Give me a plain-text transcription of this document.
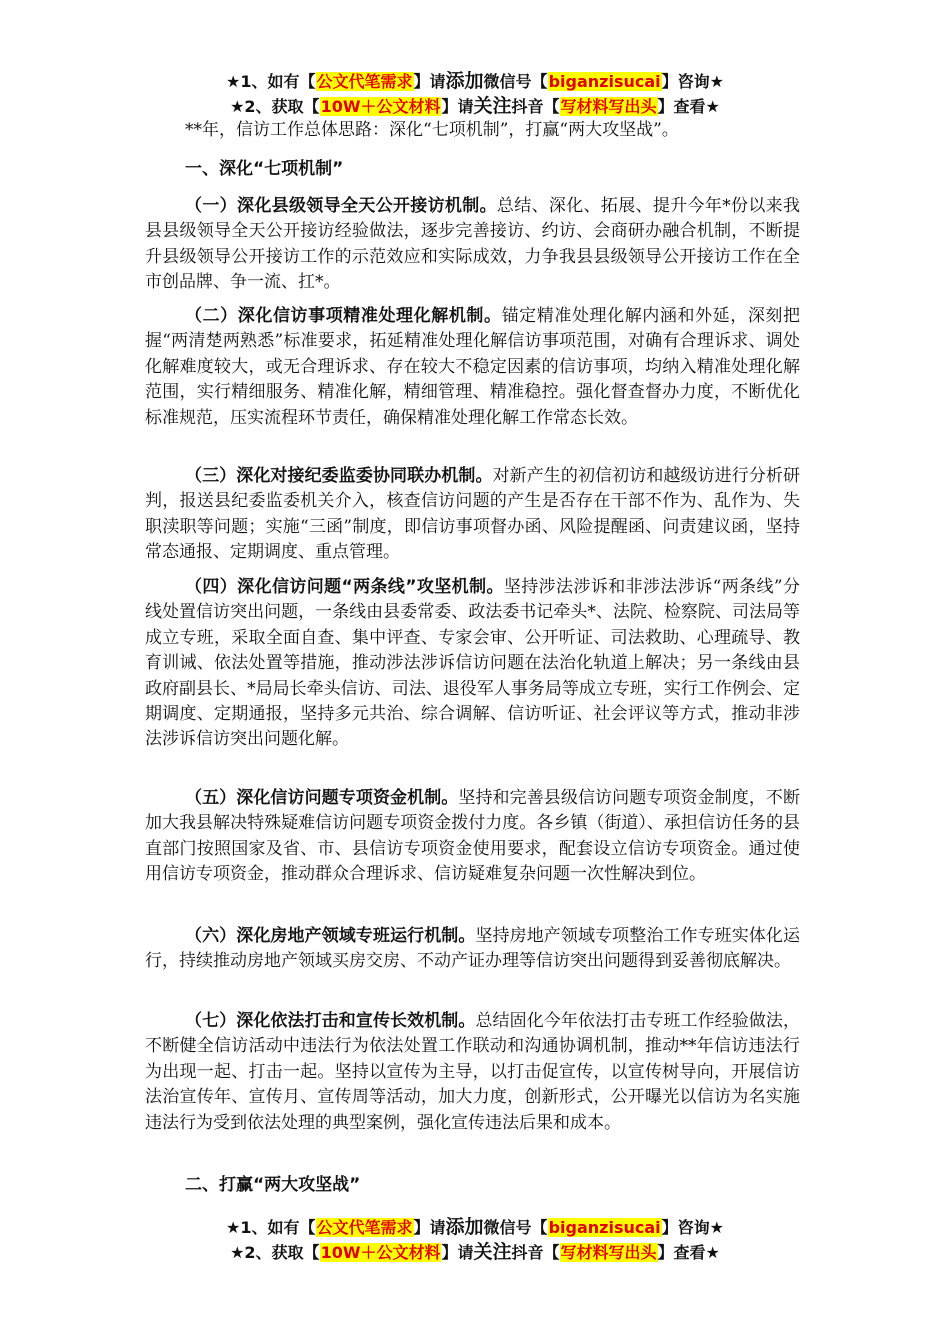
★1、如有【公文代笔需求】请添加微信号【biganzisucai】咨询★
★2、获取【10W＋公文材料】请关注抖音【写材料写出头】查看★
**年，信访工作总体思路：深化“七项机制”，打赢“两大攻坚战”。
一、深化“七项机制”
（一）深化县级领导全天公开接访机制。总结、深化、拓展、提升今年*份以来我县县级领导全天公开接访经验做法，逐步完善接访、约访、会商研办融合机制，不断提升县级领导公开接访工作的示范效应和实际成效，力争我县县级领导公开接访工作在全市创品牌、争一流、扛*。
（二）深化信访事项精准处理化解机制。锚定精准处理化解内涵和外延，深刻把握“两清楚两熟悉”标准要求，拓延精准处理化解信访事项范围，对确有合理诉求、调处化解难度较大，或无合理诉求、存在较大不稳定因素的信访事项，均纳入精准处理化解范围，实行精细服务、精准化解，精细管理、精准稳控。强化督查督办力度，不断优化标准规范，压实流程环节责任，确保精准处理化解工作常态长效。
（三）深化对接纪委监委协同联办机制。对新产生的初信初访和越级访进行分析研判，报送县纪委监委机关介入，核查信访问题的产生是否存在干部不作为、乱作为、失职渎职等问题；实施“三函”制度，即信访事项督办函、风险提醒函、问责建议函，坚持常态通报、定期调度、重点管理。
（四）深化信访问题“两条线”攻坚机制。坚持涉法涉诉和非涉法涉诉“两条线”分线处置信访突出问题，一条线由县委常委、政法委书记牵头*、法院、检察院、司法局等成立专班，采取全面自查、集中评查、专家会审、公开听证、司法救助、心理疏导、教育训诫、依法处置等措施，推动涉法涉诉信访问题在法治化轨道上解决；另一条线由县政府副县长、*局局长牵头信访、司法、退役军人事务局等成立专班，实行工作例会、定期调度、定期通报，坚持多元共治、综合调解、信访听证、社会评议等方式，推动非涉法涉诉信访突出问题化解。
（五）深化信访问题专项资金机制。坚持和完善县级信访问题专项资金制度，不断加大我县解决特殊疑难信访问题专项资金拨付力度。各乡镇（街道）、承担信访任务的县直部门按照国家及省、市、县信访专项资金使用要求，配套设立信访专项资金。通过使用信访专项资金，推动群众合理诉求、信访疑难复杂问题一次性解决到位。
（六）深化房地产领域专班运行机制。坚持房地产领域专项整治工作专班实体化运行，持续推动房地产领域买房交房、不动产证办理等信访突出问题得到妥善彻底解决。
（七）深化依法打击和宣传长效机制。总结固化今年依法打击专班工作经验做法，不断健全信访活动中违法行为依法处置工作联动和沟通协调机制，推动**年信访违法行为出现一起、打击一起。坚持以宣传为主导，以打击促宣传，以宣传树导向，开展信访法治宣传年、宣传月、宣传周等活动，加大力度，创新形式，公开曝光以信访为名实施违法行为受到依法处理的典型案例，强化宣传违法后果和成本。
二、打赢“两大攻坚战”
★1、如有【公文代笔需求】请添加微信号【biganzisucai】咨询★
★2、获取【10W＋公文材料】请关注抖音【写材料写出头】查看★
